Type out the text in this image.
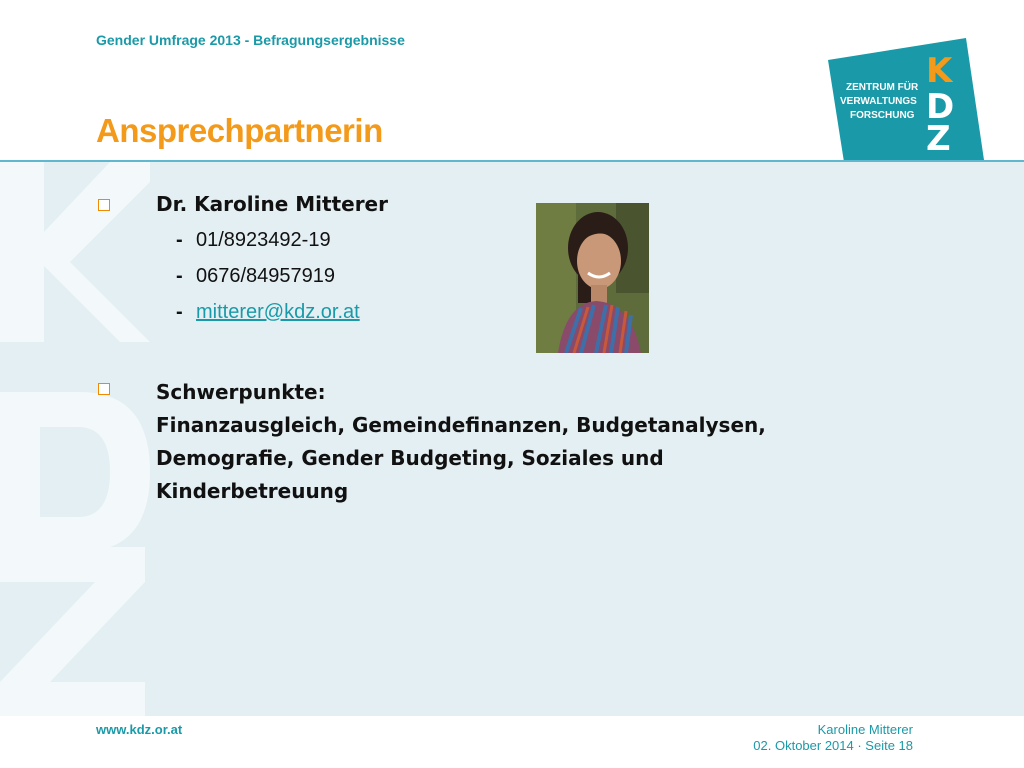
Gender Umfrage 2013 - Befragungsergebnisse
Ansprechpartnerin
ZENTRUM FÜR
VERWALTUNGS
FORSCHUNG
K
D
Z
Dr. Karoline Mitterer
- 01/8923492-19
- 0676/84957919
- mitterer@kdz.or.at
Schwerpunkte:
Finanzausgleich, Gemeindefinanzen, Budgetanalysen,
Demografie, Gender Budgeting, Soziales und
Kinderbetreuung
www.kdz.or.at	Karoline Mitterer
02. Oktober 2014 · Seite 18
